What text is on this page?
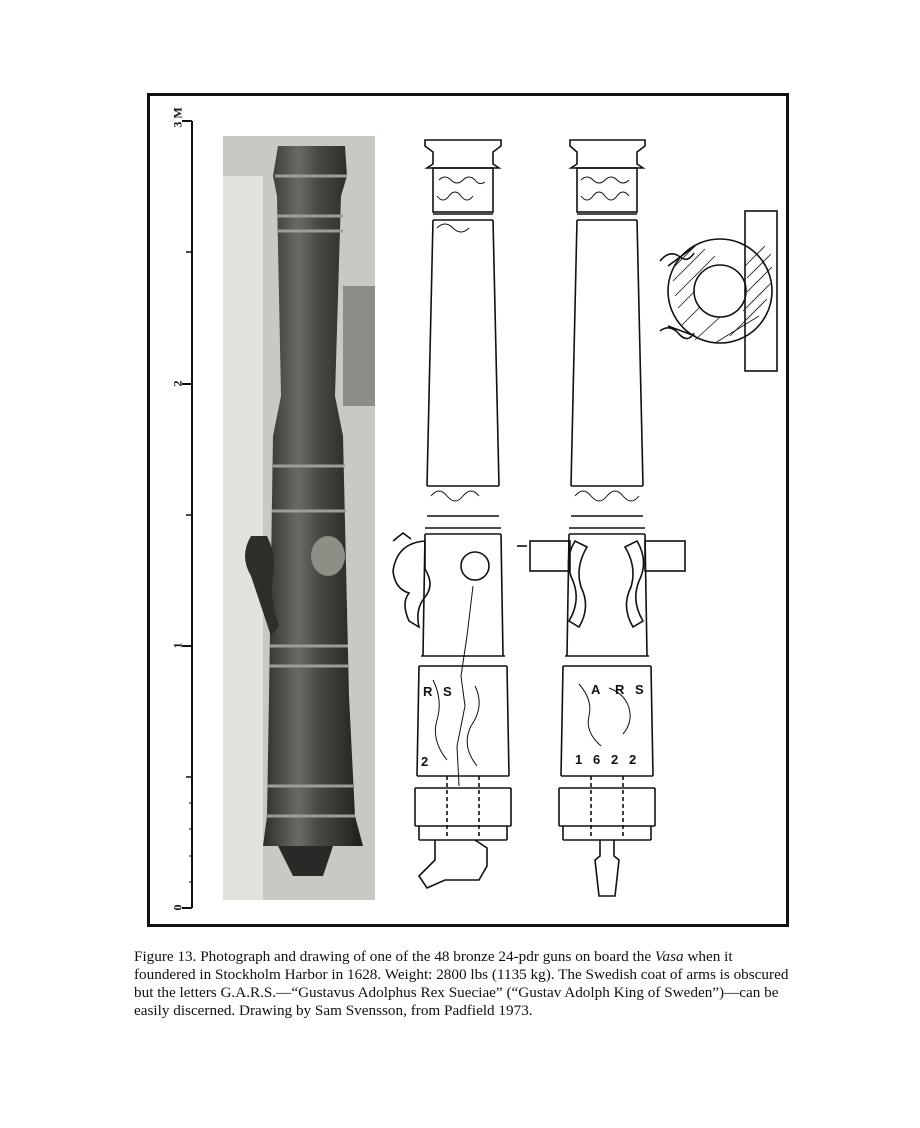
3 M
2
1
0
R S
2
A R S
1 6 2 2
Figure 13. Photograph and drawing of one of the 48 bronze 24-pdr guns on board the Vasa when it foundered in Stockholm Harbor in 1628. Weight: 2800 lbs (1135 kg). The Swedish coat of arms is obscured but the letters G.A.R.S.—“Gustavus Adolphus Rex Sueciae” (“Gustav Adolph King of Sweden”)—can be easily discerned. Drawing by Sam Svensson, from Padfield 1973.
